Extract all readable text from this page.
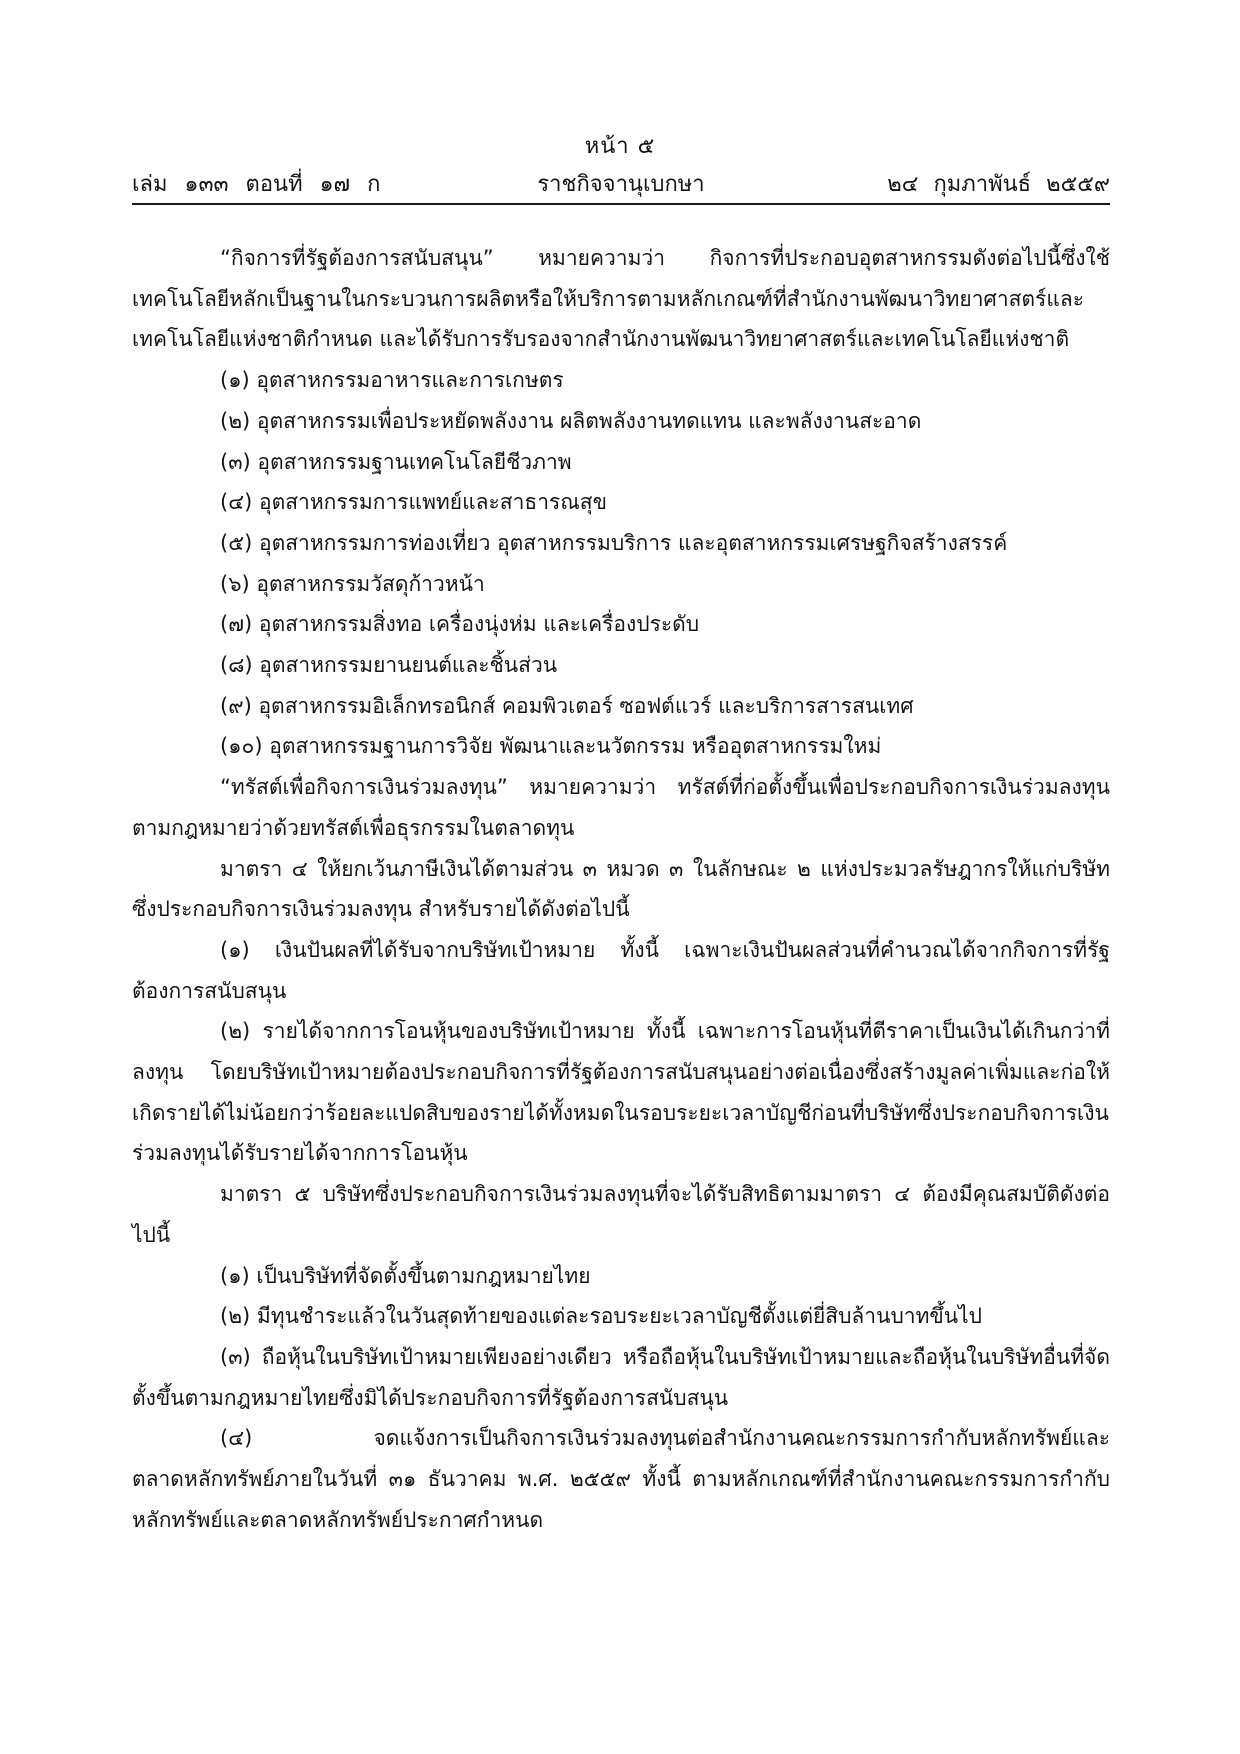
หน้า ๕
เล่ม ๑๓๓ ตอนที่ ๑๗ ก	ราชกิจจานุเบกษา	๒๔ กุมภาพันธ์ ๒๕๕๙

“กิจการที่รัฐต้องการสนับสนุน” หมายความว่า กิจการที่ประกอบอุตสาหกรรมดังต่อไปนี้ซึ่งใช้เทคโนโลยีหลักเป็นฐานในกระบวนการผลิตหรือให้บริการตามหลักเกณฑ์ที่สำนักงานพัฒนาวิทยาศาสตร์และเทคโนโลยีแห่งชาติกำหนด และได้รับการรับรองจากสำนักงานพัฒนาวิทยาศาสตร์และเทคโนโลยีแห่งชาติ

(๑) อุตสาหกรรมอาหารและการเกษตร

(๒) อุตสาหกรรมเพื่อประหยัดพลังงาน ผลิตพลังงานทดแทน และพลังงานสะอาด

(๓) อุตสาหกรรมฐานเทคโนโลยีชีวภาพ

(๔) อุตสาหกรรมการแพทย์และสาธารณสุข

(๕) อุตสาหกรรมการท่องเที่ยว อุตสาหกรรมบริการ และอุตสาหกรรมเศรษฐกิจสร้างสรรค์

(๖) อุตสาหกรรมวัสดุก้าวหน้า

(๗) อุตสาหกรรมสิ่งทอ เครื่องนุ่งห่ม และเครื่องประดับ

(๘) อุตสาหกรรมยานยนต์และชิ้นส่วน

(๙) อุตสาหกรรมอิเล็กทรอนิกส์ คอมพิวเตอร์ ซอฟต์แวร์ และบริการสารสนเทศ

(๑๐) อุตสาหกรรมฐานการวิจัย พัฒนาและนวัตกรรม หรืออุตสาหกรรมใหม่

“ทรัสต์เพื่อกิจการเงินร่วมลงทุน” หมายความว่า ทรัสต์ที่ก่อตั้งขึ้นเพื่อประกอบกิจการเงินร่วมลงทุนตามกฎหมายว่าด้วยทรัสต์เพื่อธุรกรรมในตลาดทุน

มาตรา ๔ ให้ยกเว้นภาษีเงินได้ตามส่วน ๓ หมวด ๓ ในลักษณะ ๒ แห่งประมวลรัษฎากรให้แก่บริษัทซึ่งประกอบกิจการเงินร่วมลงทุน สำหรับรายได้ดังต่อไปนี้

(๑) เงินปันผลที่ได้รับจากบริษัทเป้าหมาย ทั้งนี้ เฉพาะเงินปันผลส่วนที่คำนวณได้จากกิจการที่รัฐต้องการสนับสนุน

(๒) รายได้จากการโอนหุ้นของบริษัทเป้าหมาย ทั้งนี้ เฉพาะการโอนหุ้นที่ตีราคาเป็นเงินได้เกินกว่าที่ลงทุน โดยบริษัทเป้าหมายต้องประกอบกิจการที่รัฐต้องการสนับสนุนอย่างต่อเนื่องซึ่งสร้างมูลค่าเพิ่มและก่อให้เกิดรายได้ไม่น้อยกว่าร้อยละแปดสิบของรายได้ทั้งหมดในรอบระยะเวลาบัญชีก่อนที่บริษัทซึ่งประกอบกิจการเงินร่วมลงทุนได้รับรายได้จากการโอนหุ้น

มาตรา ๕ บริษัทซึ่งประกอบกิจการเงินร่วมลงทุนที่จะได้รับสิทธิตามมาตรา ๔ ต้องมีคุณสมบัติดังต่อไปนี้

(๑) เป็นบริษัทที่จัดตั้งขึ้นตามกฎหมายไทย

(๒) มีทุนชำระแล้วในวันสุดท้ายของแต่ละรอบระยะเวลาบัญชีตั้งแต่ยี่สิบล้านบาทขึ้นไป

(๓) ถือหุ้นในบริษัทเป้าหมายเพียงอย่างเดียว หรือถือหุ้นในบริษัทเป้าหมายและถือหุ้นในบริษัทอื่นที่จัดตั้งขึ้นตามกฎหมายไทยซึ่งมิได้ประกอบกิจการที่รัฐต้องการสนับสนุน

(๔) จดแจ้งการเป็นกิจการเงินร่วมลงทุนต่อสำนักงานคณะกรรมการกำกับหลักทรัพย์และตลาดหลักทรัพย์ภายในวันที่ ๓๑ ธันวาคม พ.ศ. ๒๕๕๙ ทั้งนี้ ตามหลักเกณฑ์ที่สำนักงานคณะกรรมการกำกับหลักทรัพย์และตลาดหลักทรัพย์ประกาศกำหนด
